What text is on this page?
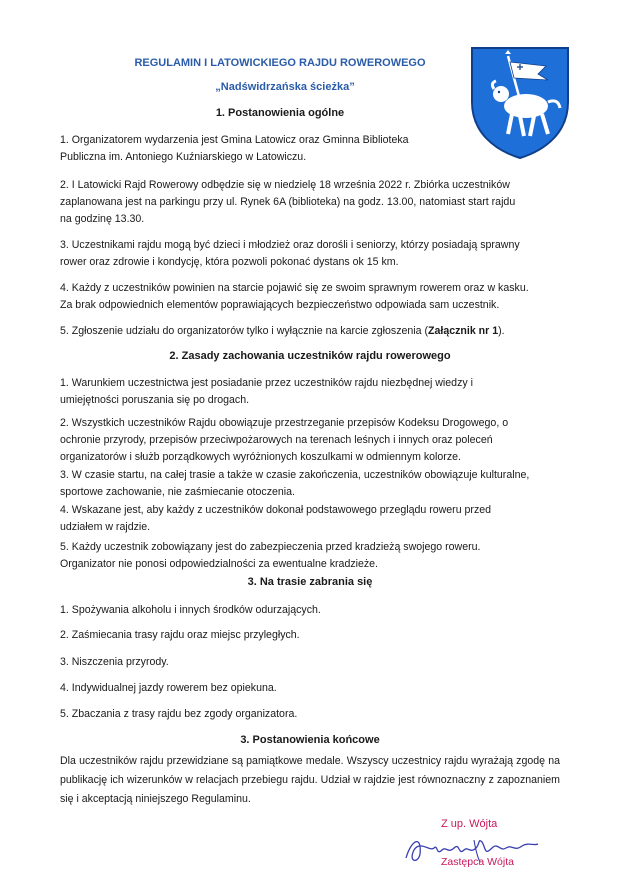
REGULAMIN I LATOWICKIEGO RAJDU ROWEROWEGO
„Nadświdrzańska ścieżka”
1. Postanowienia ogólne
1. Organizatorem wydarzenia jest Gmina Latowicz oraz Gminna Biblioteka
Publiczna im. Antoniego Kuźniarskiego w Latowiczu.
2. I Latowicki Rajd Rowerowy odbędzie się w niedzielę 18 września 2022 r. Zbiórka uczestników
zaplanowana jest na parkingu przy ul. Rynek 6A (biblioteka) na godz. 13.00, natomiast start rajdu
na godzinę 13.30.
3. Uczestnikami rajdu mogą być dzieci i młodzież oraz dorośli i seniorzy, którzy posiadają sprawny
rower oraz zdrowie i kondycję, która pozwoli pokonać dystans ok 15 km.
4. Każdy z uczestników powinien na starcie pojawić się ze swoim sprawnym rowerem oraz w kasku.
Za brak odpowiednich elementów poprawiających bezpieczeństwo odpowiada sam uczestnik.
5. Zgłoszenie udziału do organizatorów tylko i wyłącznie na karcie zgłoszenia (Załącznik nr 1).
2. Zasady zachowania uczestników rajdu rowerowego
1. Warunkiem uczestnictwa jest posiadanie przez uczestników rajdu niezbędnej wiedzy i
umiejętności poruszania się po drogach.
2. Wszystkich uczestników Rajdu obowiązuje przestrzeganie przepisów Kodeksu Drogowego, o
ochronie przyrody, przepisów przeciwpożarowych na terenach leśnych i innych oraz poleceń
organizatorów i służb porządkowych wyróżnionych koszulkami w odmiennym kolorze.
3. W czasie startu, na całej trasie a także w czasie zakończenia, uczestników obowiązuje kulturalne,
sportowe zachowanie, nie zaśmiecanie otoczenia.
4. Wskazane jest, aby każdy z uczestników dokonał podstawowego przeglądu roweru przed
udziałem w rajdzie.
5. Każdy uczestnik zobowiązany jest do zabezpieczenia przed kradzieżą swojego roweru.
Organizator nie ponosi odpowiedzialności za ewentualne kradzieże.
3. Na trasie zabrania się
1. Spożywania alkoholu i innych środków odurzających.
2. Zaśmiecania trasy rajdu oraz miejsc przyległych.
3. Niszczenia przyrody.
4. Indywidualnej jazdy rowerem bez opiekuna.
5. Zbaczania z trasy rajdu bez zgody organizatora.
3. Postanowienia końcowe
Dla uczestników rajdu przewidziane są pamiątkowe medale. Wszyscy uczestnicy rajdu wyrażają zgodę na publikację ich wizerunków w relacjach przebiegu rajdu. Udział w rajdzie jest równoznaczny z zapoznaniem się i akceptacją niniejszego Regulaminu.
Z up. Wójta
Zastępca Wójta
